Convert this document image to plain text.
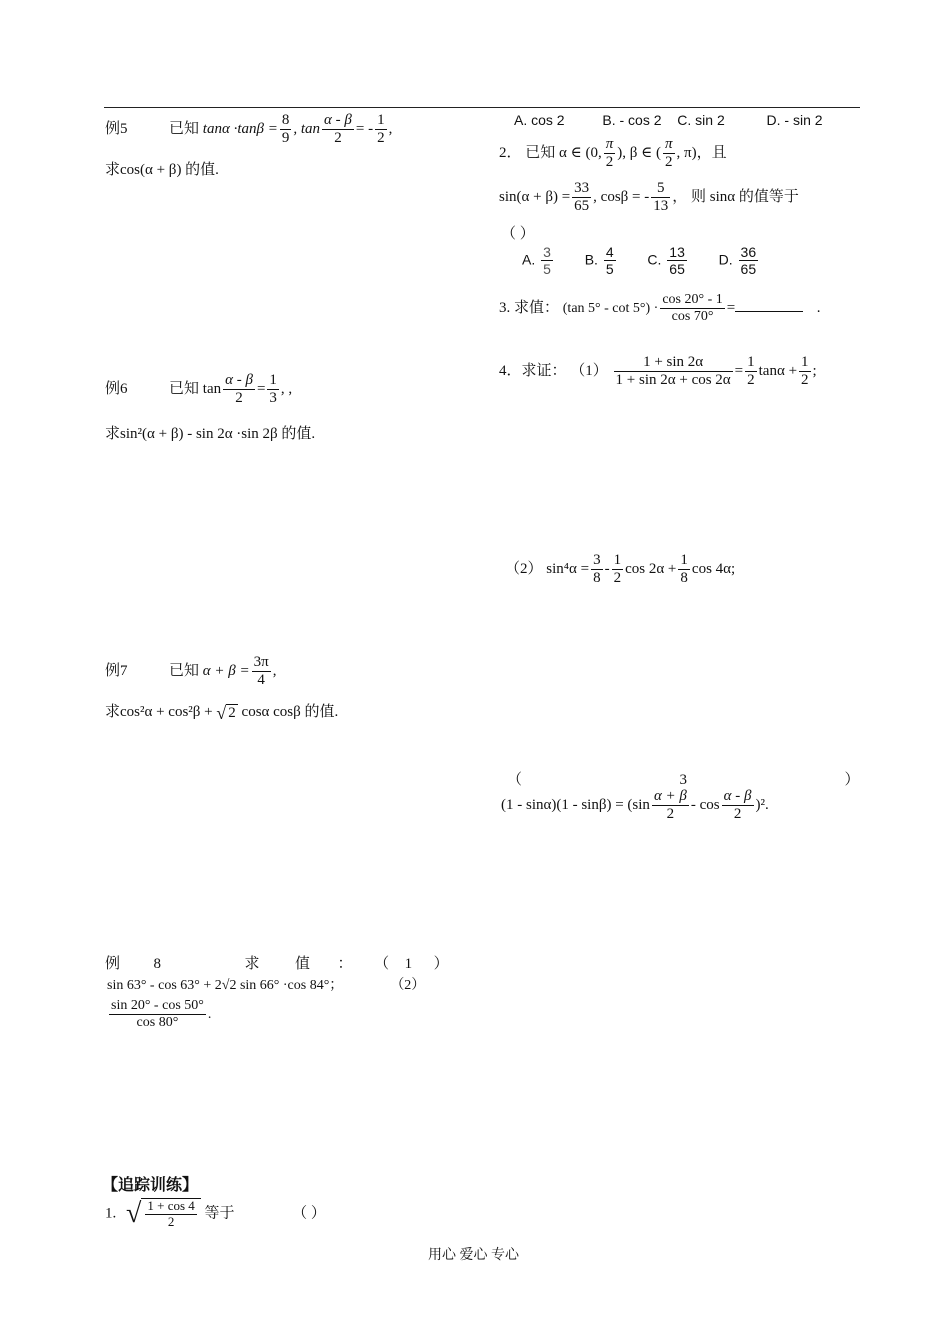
例5	已知 $\tan\alpha \cdot\tan\beta = \frac{8}{9}$ , $\tan \frac{\alpha - \beta}{2}$ = - $\frac{1}{2}$ ,
求cos(α + β) 的值.
例6	已知 $\tan \frac{\alpha - \beta}{2} = \frac{1}{3}$ , ,
求sin²(α + β) - sin 2α ·sin 2β 的值.
例7	已知 $\alpha + \beta = \frac{3\pi}{4}$ ,
求cos²α + cos²β + √ 2 cosα cosβ 的值.
例 8	求 值 ： （ 1 ）
sin 63° - cos 63° + 2√2 sin 66° ·cos 84°；	（2）
$\frac{\sin 20^\circ - \cos 50^\circ}{\cos 80^\circ}$ .
【追踪训练】
1. √ $\frac{1 + \cos 4}{2}$ 等于	（ ）
A. cos 2	B. - cos 2 C. sin 2	D. - sin 2
2． 已知 α ∈ (0, $\frac{\pi}{2}$ ), β ∈ ( $\frac{\pi}{2}$ , π)，且
$\sin(\alpha + \beta) = \frac{33}{65}$ , cosβ = - $\frac{5}{13}$ ， 则 sinα 的值等于
（ ）
A. $\frac{3}{5} B$. $\frac{4}{5} C$. $\frac{13}{65} D$. $\frac{36}{65}$
3. 求值： (tan $5^\circ - \cot 5^\circ) \cdot \frac{\cos 20^\circ - 1}{\cos 70^\circ}$ =	.
4．求证： $(1) \frac{1 + \sin 2\alpha}{1 + \sin 2\alpha + \cos 2\alpha} = \frac{1}{2}$ $\tan\alpha + \frac{1}{2}$ ;
（2） $\sin^4\alpha = \frac{3}{8} - \frac{1}{2}$ $\cos 2\alpha + \frac{1}{8}$ cos 4α;
（	3	）
$(1 - \sin\alpha)(1 - \sin\beta) = (\sin \frac{\alpha + \beta}{2} - \cos \frac{\alpha - \beta}{2} )^2$.
用心 爱心 专心
